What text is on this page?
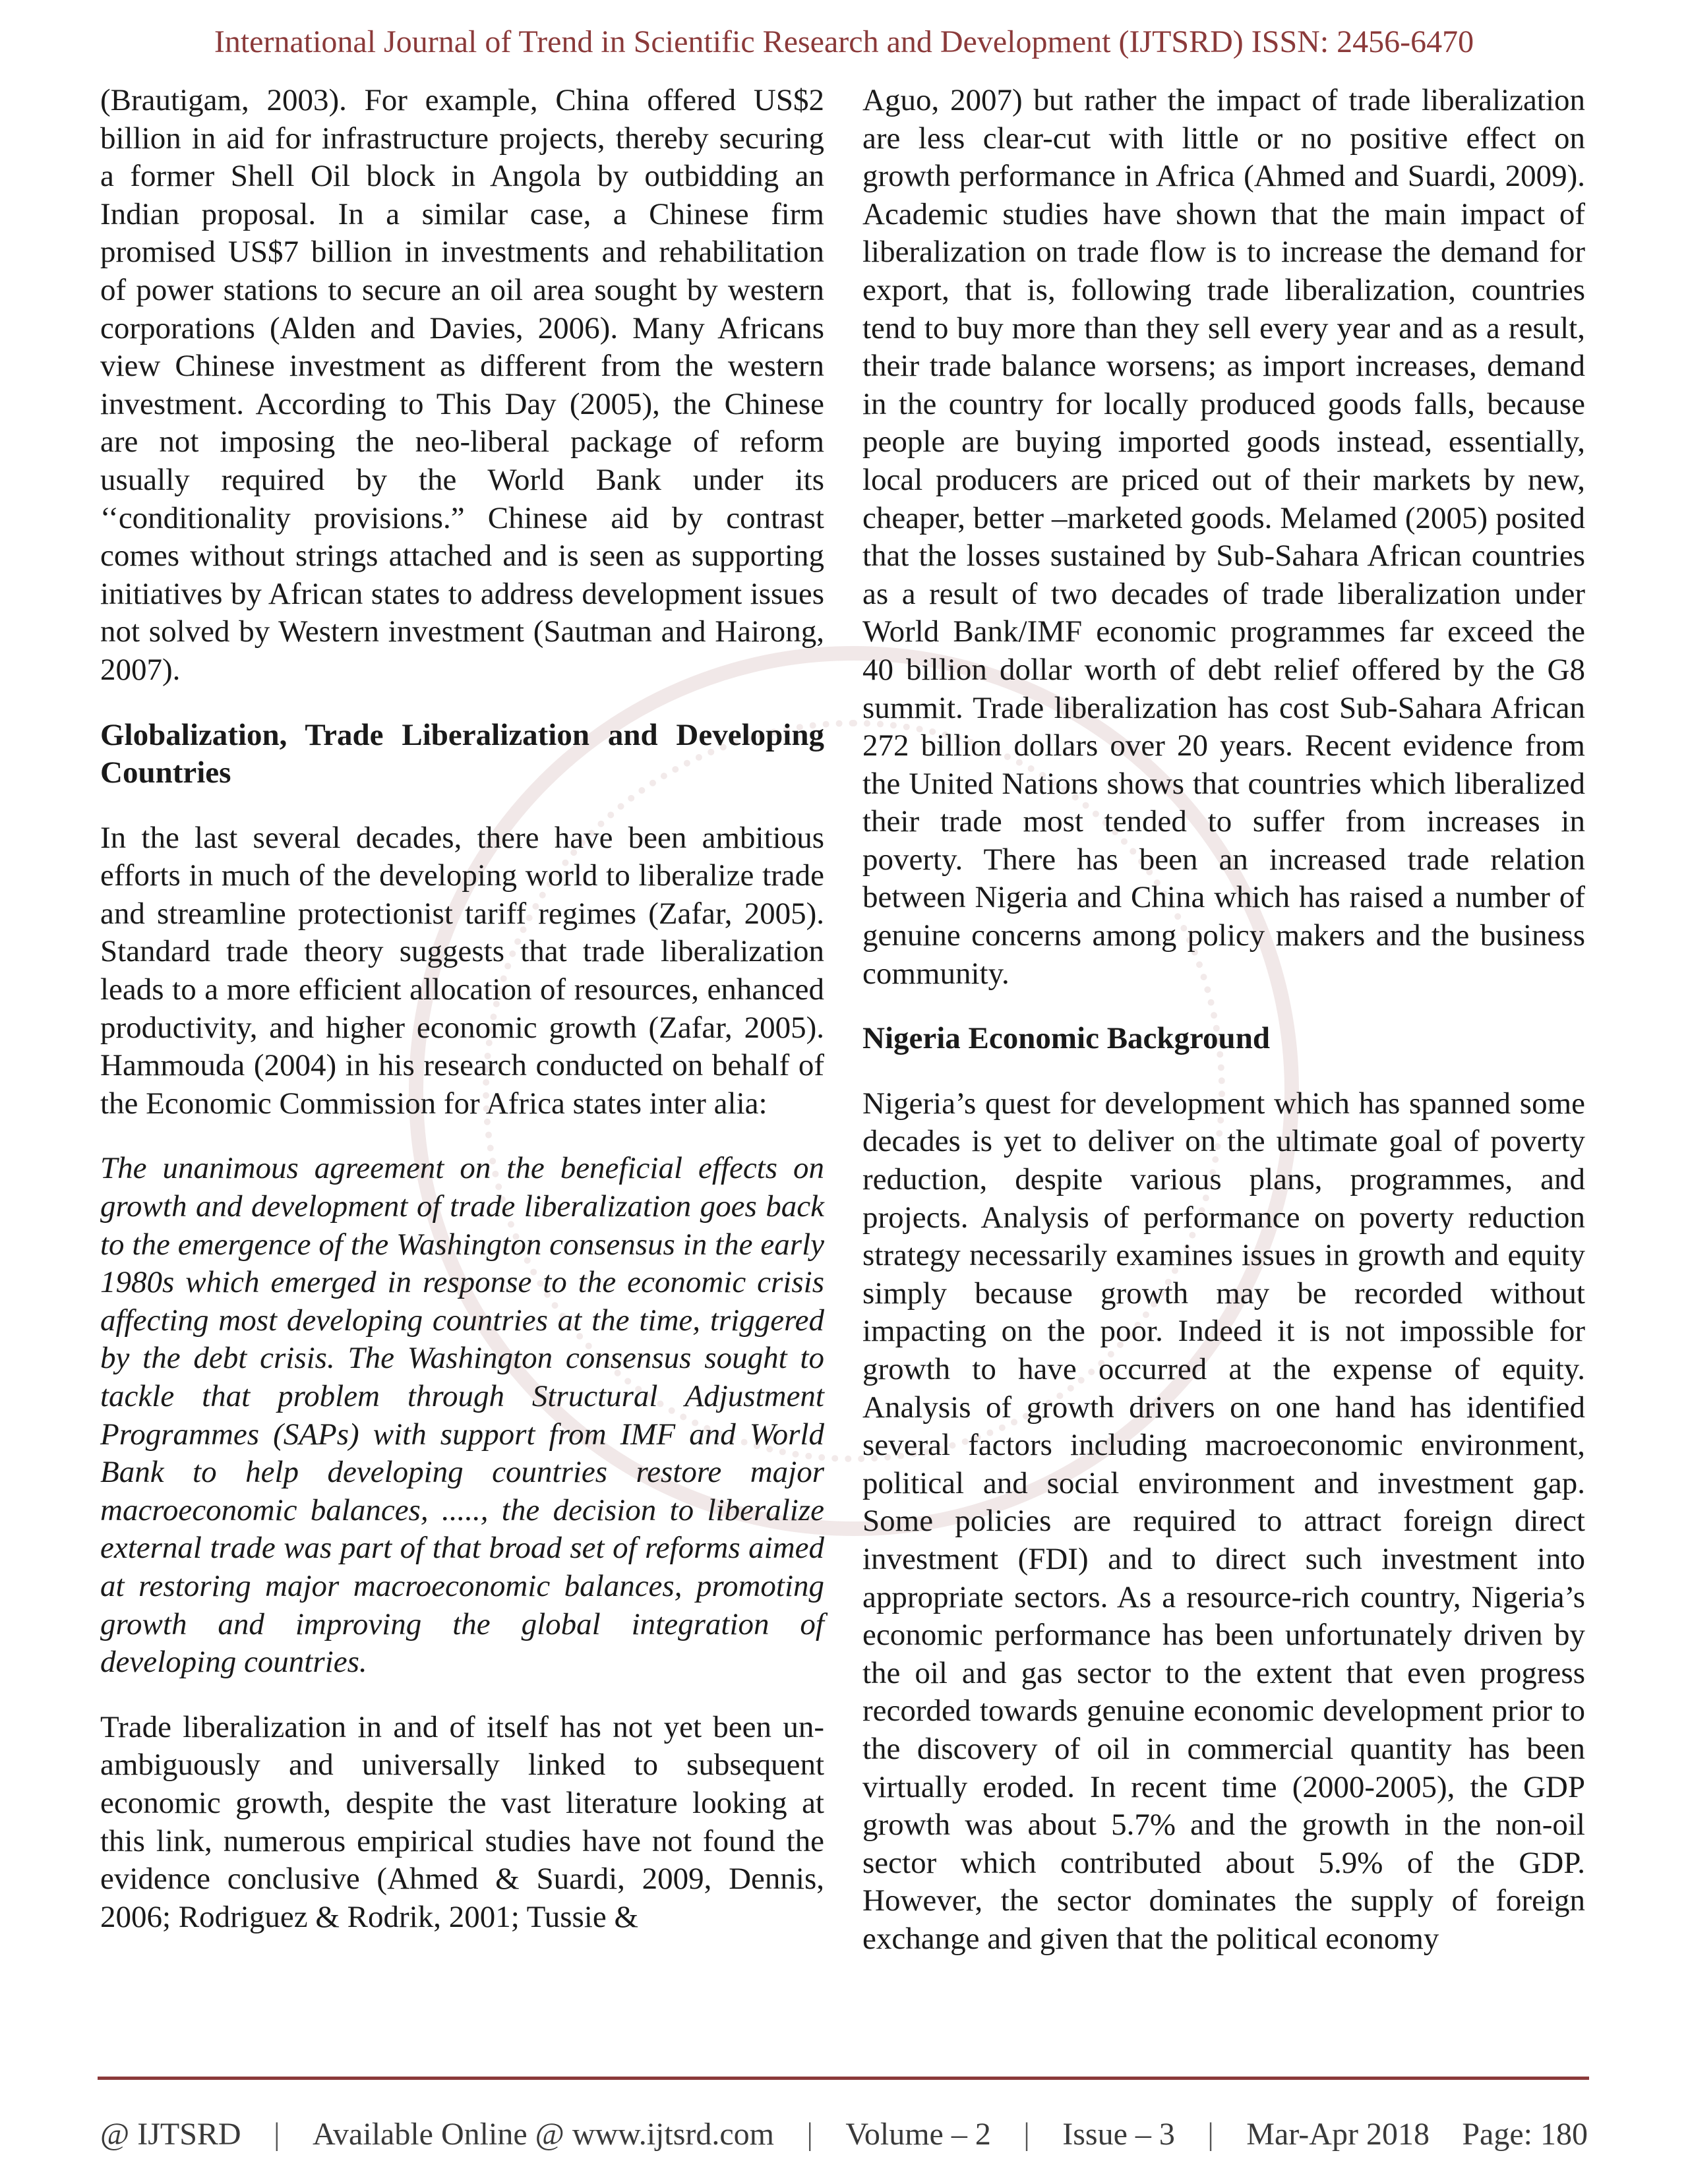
International Journal of Trend in Scientific Research and Development (IJTSRD) ISSN: 2456-6470

(Brautigam, 2003). For example, China offered US$2 billion in aid for infrastructure projects, thereby securing a former Shell Oil block in Angola by outbidding an Indian proposal. In a similar case, a Chinese firm promised US$7 billion in investments and rehabilitation of power stations to secure an oil area sought by western corporations (Alden and Davies, 2006). Many Africans view Chinese investment as different from the western investment. According to This Day (2005), the Chinese are not imposing the neo-liberal package of reform usually required by the World Bank under its ‘‘conditionality provisions.” Chinese aid by contrast comes without strings attached and is seen as supporting initiatives by African states to address development issues not solved by Western investment (Sautman and Hairong, 2007).

Globalization, Trade Liberalization and Developing Countries

In the last several decades, there have been ambitious efforts in much of the developing world to liberalize trade and streamline protectionist tariff regimes (Zafar, 2005). Standard trade theory suggests that trade liberalization leads to a more efficient allocation of resources, enhanced productivity, and higher economic growth (Zafar, 2005). Hammouda (2004) in his research conducted on behalf of the Economic Commission for Africa states inter alia:

The unanimous agreement on the beneficial effects on growth and development of trade liberalization goes back to the emergence of the Washington consensus in the early 1980s which emerged in response to the economic crisis affecting most developing countries at the time, triggered by the debt crisis. The Washington consensus sought to tackle that problem through Structural Adjustment Programmes (SAPs) with support from IMF and World Bank to help developing countries restore major macroeconomic balances, ....., the decision to liberalize external trade was part of that broad set of reforms aimed at restoring major macroeconomic balances, promoting growth and improving the global integration of developing countries.

Trade liberalization in and of itself has not yet been un-ambiguously and universally linked to subsequent economic growth, despite the vast literature looking at this link, numerous empirical studies have not found the evidence conclusive (Ahmed & Suardi, 2009, Dennis, 2006; Rodriguez & Rodrik, 2001; Tussie &

Aguo, 2007) but rather the impact of trade liberalization are less clear-cut with little or no positive effect on growth performance in Africa (Ahmed and Suardi, 2009). Academic studies have shown that the main impact of liberalization on trade flow is to increase the demand for export, that is, following trade liberalization, countries tend to buy more than they sell every year and as a result, their trade balance worsens; as import increases, demand in the country for locally produced goods falls, because people are buying imported goods instead, essentially, local producers are priced out of their markets by new, cheaper, better –marketed goods. Melamed (2005) posited that the losses sustained by Sub-Sahara African countries as a result of two decades of trade liberalization under World Bank/IMF economic programmes far exceed the 40 billion dollar worth of debt relief offered by the G8 summit. Trade liberalization has cost Sub-Sahara African 272 billion dollars over 20 years. Recent evidence from the United Nations shows that countries which liberalized their trade most tended to suffer from increases in poverty. There has been an increased trade relation between Nigeria and China which has raised a number of genuine concerns among policy makers and the business community.

Nigeria Economic Background

Nigeria’s quest for development which has spanned some decades is yet to deliver on the ultimate goal of poverty reduction, despite various plans, programmes, and projects. Analysis of performance on poverty reduction strategy necessarily examines issues in growth and equity simply because growth may be recorded without impacting on the poor. Indeed it is not impossible for growth to have occurred at the expense of equity. Analysis of growth drivers on one hand has identified several factors including macroeconomic environment, political and social environment and investment gap. Some policies are required to attract foreign direct investment (FDI) and to direct such investment into appropriate sectors. As a resource-rich country, Nigeria’s economic performance has been unfortunately driven by the oil and gas sector to the extent that even progress recorded towards genuine economic development prior to the discovery of oil in commercial quantity has been virtually eroded. In recent time (2000-2005), the GDP growth was about 5.7% and the growth in the non-oil sector which contributed about 5.9% of the GDP. However, the sector dominates the supply of foreign exchange and given that the political economy

@ IJTSRD | Available Online @ www.ijtsrd.com | Volume – 2 | Issue – 3 | Mar-Apr 2018 Page: 180
